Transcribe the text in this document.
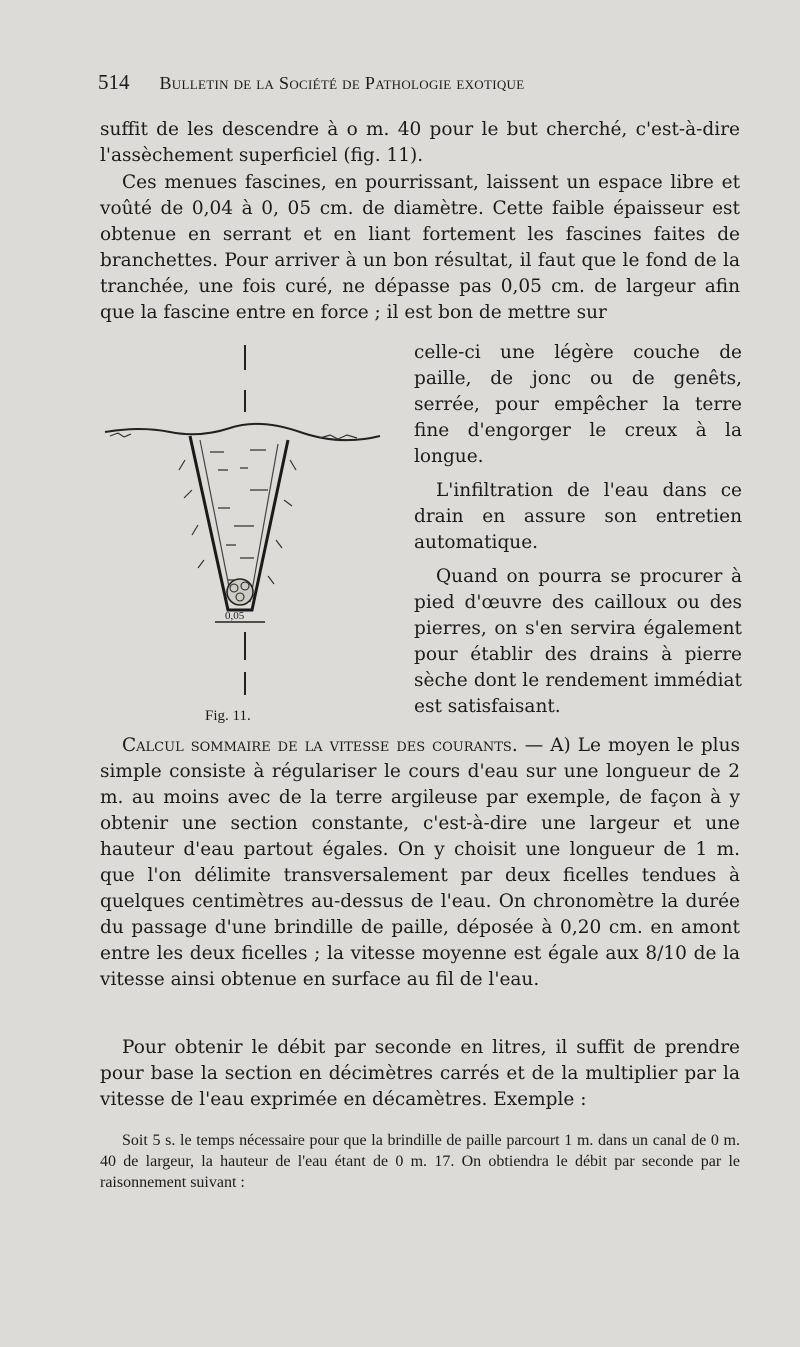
514 Bulletin de la Société de Pathologie exotique

suffit de les descendre à o m. 40 pour le but cherché, c'est-à-dire l'assèchement superficiel (fig. 11).

Ces menues fascines, en pourrissant, laissent un espace libre et voûté de 0,04 à 0, 05 cm. de diamètre. Cette faible épaisseur est obtenue en serrant et en liant fortement les fascines faites de branchettes. Pour arriver à un bon résultat, il faut que le fond de la tranchée, une fois curé, ne dépasse pas 0,05 cm. de largeur afin que la fascine entre en force ; il est bon de mettre sur

0,05

celle-ci une légère couche de paille, de jonc ou de genêts, serrée, pour empêcher la terre fine d'engorger le creux à la longue.

L'infiltration de l'eau dans ce drain en assure son entretien automatique.

Quand on pourra se procurer à pied d'œuvre des cailloux ou des pierres, on s'en servira également pour établir des drains à pierre sèche dont le rendement immédiat est satisfaisant.

Fig. 11.

Calcul sommaire de la vitesse des courants. — A) Le moyen le plus simple consiste à régulariser le cours d'eau sur une longueur de 2 m. au moins avec de la terre argileuse par exemple, de façon à y obtenir une section constante, c'est-à-dire une largeur et une hauteur d'eau partout égales. On y choisit une longueur de 1 m. que l'on délimite transversalement par deux ficelles tendues à quelques centimètres au-dessus de l'eau. On chronomètre la durée du passage d'une brindille de paille, déposée à 0,20 cm. en amont entre les deux ficelles ; la vitesse moyenne est égale aux 8/10 de la vitesse ainsi obtenue en surface au fil de l'eau.

Pour obtenir le débit par seconde en litres, il suffit de prendre pour base la section en décimètres carrés et de la multiplier par la vitesse de l'eau exprimée en décamètres. Exemple :

Soit 5 s. le temps nécessaire pour que la brindille de paille parcourt 1 m. dans un canal de 0 m. 40 de largeur, la hauteur de l'eau étant de 0 m. 17. On obtiendra le débit par seconde par le raisonnement suivant :
